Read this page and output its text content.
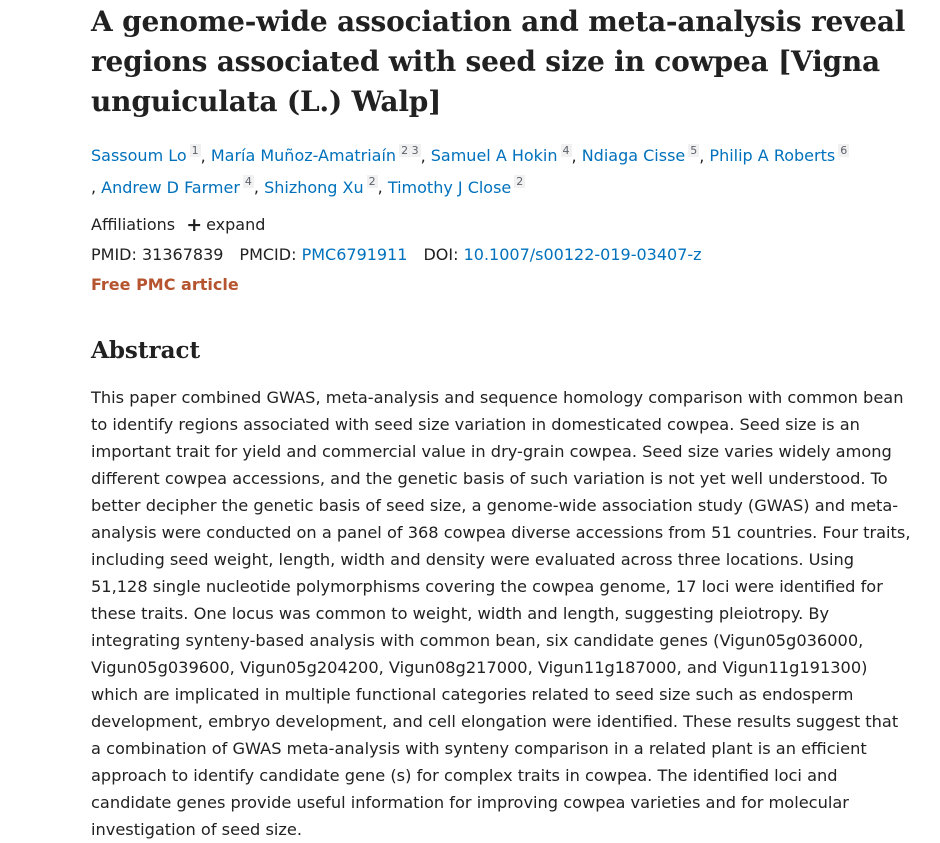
A genome-wide association and meta-analysis reveal regions associated with seed size in cowpea [Vigna unguiculata (L.) Walp]
Sassoum Lo $^1$ , María Muñoz-Amatriaín $^{2 3}$ , Samuel A Hokin $^4$ , Ndiaga Cisse $^5$ , Philip A Roberts $^6$
, Andrew D Farmer $^4$ , Shizhong Xu $^2$ , Timothy J Close $^2$
Affiliations + expand
PMID: 31367839 PMCID: PMC6791911 DOI: 10.1007/s00122-019-03407-z
Free PMC article
Abstract
This paper combined GWAS, meta-analysis and sequence homology comparison with common bean to identify regions associated with seed size variation in domesticated cowpea. Seed size is an important trait for yield and commercial value in dry-grain cowpea. Seed size varies widely among different cowpea accessions, and the genetic basis of such variation is not yet well understood. To better decipher the genetic basis of seed size, a genome-wide association study (GWAS) and meta-analysis were conducted on a panel of 368 cowpea diverse accessions from 51 countries. Four traits, including seed weight, length, width and density were evaluated across three locations. Using 51,128 single nucleotide polymorphisms covering the cowpea genome, 17 loci were identified for these traits. One locus was common to weight, width and length, suggesting pleiotropy. By integrating synteny-based analysis with common bean, six candidate genes (Vigun05g036000, Vigun05g039600, Vigun05g204200, Vigun08g217000, Vigun11g187000, and Vigun11g191300) which are implicated in multiple functional categories related to seed size such as endosperm development, embryo development, and cell elongation were identified. These results suggest that a combination of GWAS meta-analysis with synteny comparison in a related plant is an efficient approach to identify candidate gene (s) for complex traits in cowpea. The identified loci and candidate genes provide useful information for improving cowpea varieties and for molecular investigation of seed size.
